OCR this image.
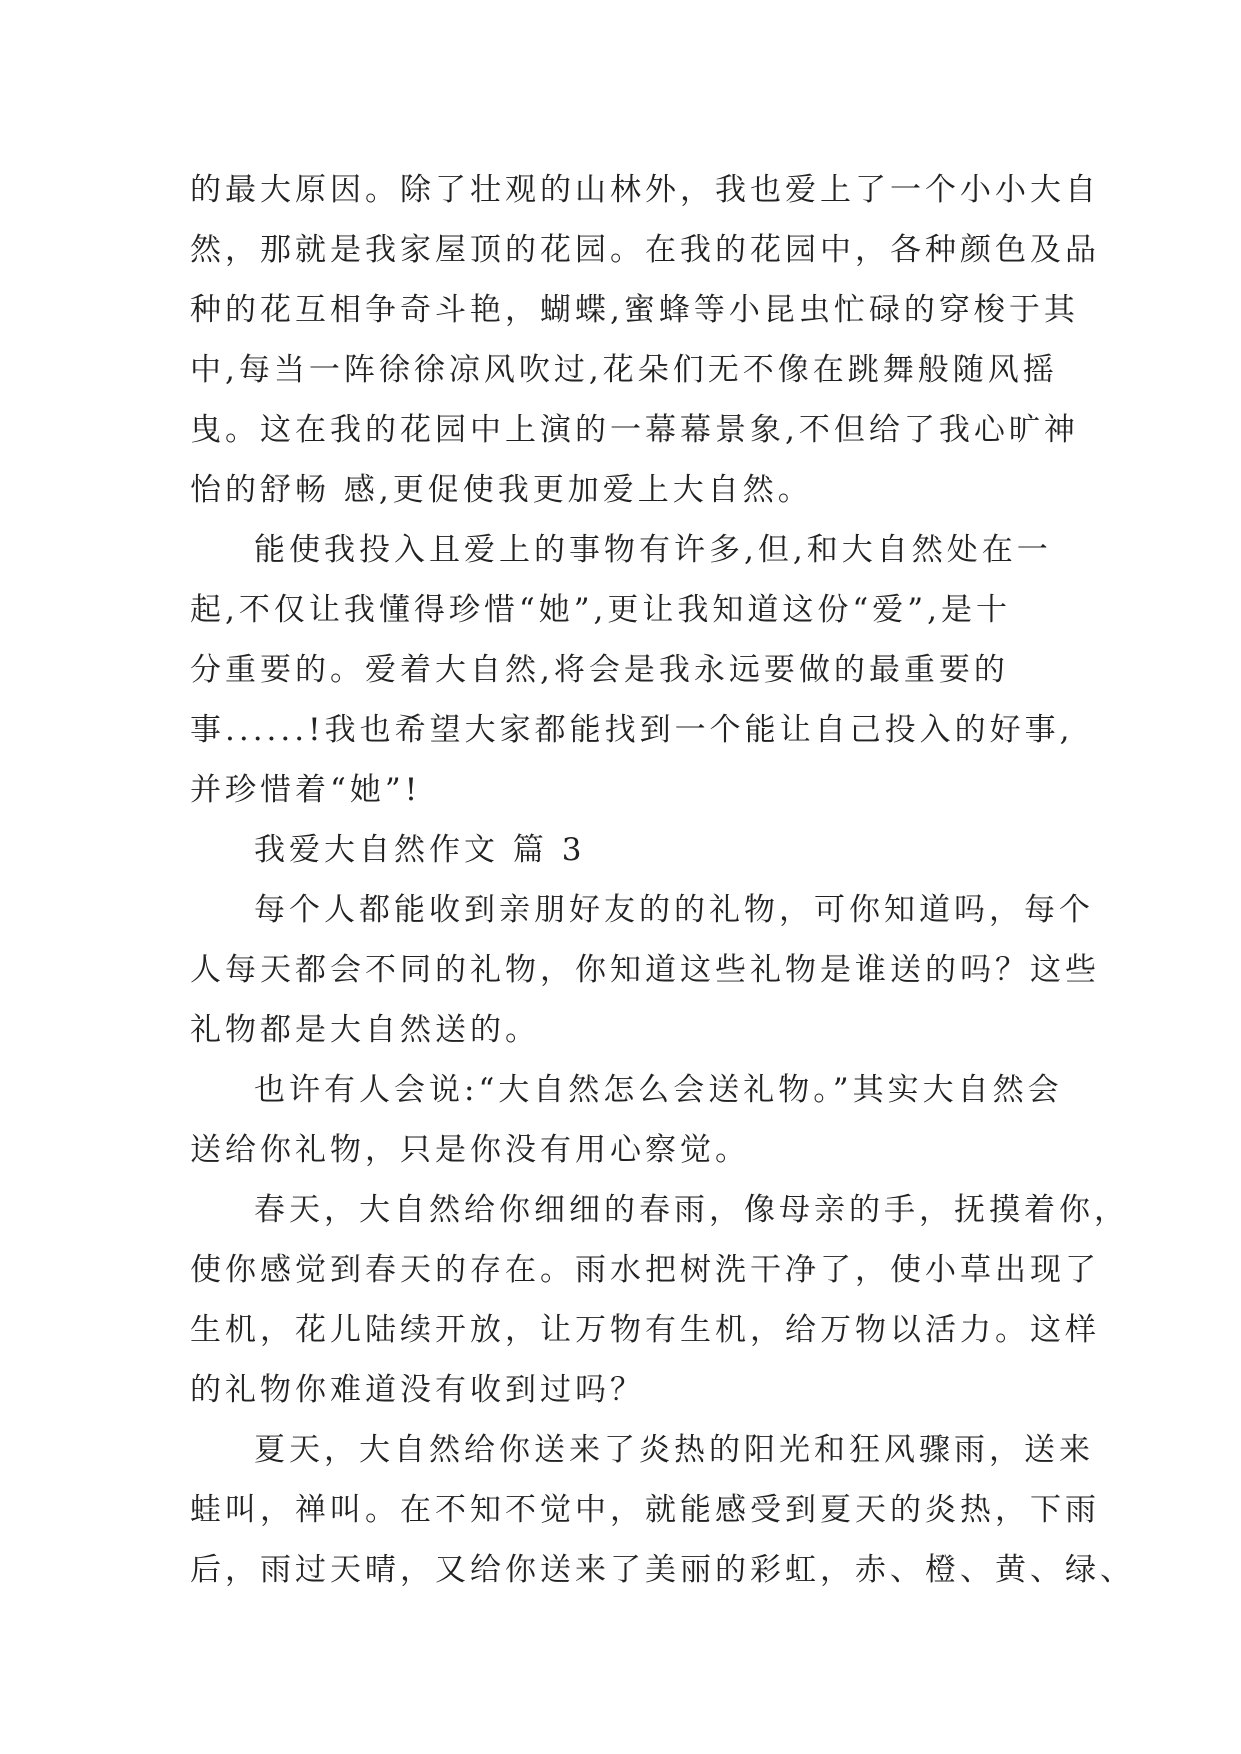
的最大原因。除了壮观的山林外，我也爱上了一个小小大自
然，那就是我家屋顶的花园。在我的花园中，各种颜色及品
种的花互相争奇斗艳，蝴蝶,蜜蜂等小昆虫忙碌的穿梭于其
中,每当一阵徐徐凉风吹过,花朵们无不像在跳舞般随风摇
曳。这在我的花园中上演的一幕幕景象,不但给了我心旷神
怡的舒畅 感,更促使我更加爱上大自然。
能使我投入且爱上的事物有许多,但,和大自然处在一
起,不仅让我懂得珍惜“她”,更让我知道这份“爱”,是十
分重要的。爱着大自然,将会是我永远要做的最重要的
事......!我也希望大家都能找到一个能让自己投入的好事,
并珍惜着“她”!
我爱大自然作文 篇 3
每个人都能收到亲朋好友的的礼物，可你知道吗，每个
人每天都会不同的礼物，你知道这些礼物是谁送的吗？这些
礼物都是大自然送的。
也许有人会说:“大自然怎么会送礼物。”其实大自然会
送给你礼物，只是你没有用心察觉。
春天，大自然给你细细的春雨，像母亲的手，抚摸着你，
使你感觉到春天的存在。雨水把树洗干净了，使小草出现了
生机，花儿陆续开放，让万物有生机，给万物以活力。这样
的礼物你难道没有收到过吗？
夏天，大自然给你送来了炎热的阳光和狂风骤雨，送来
蛙叫，禅叫。在不知不觉中，就能感受到夏天的炎热，下雨
后，雨过天晴，又给你送来了美丽的彩虹，赤、橙、黄、绿、
